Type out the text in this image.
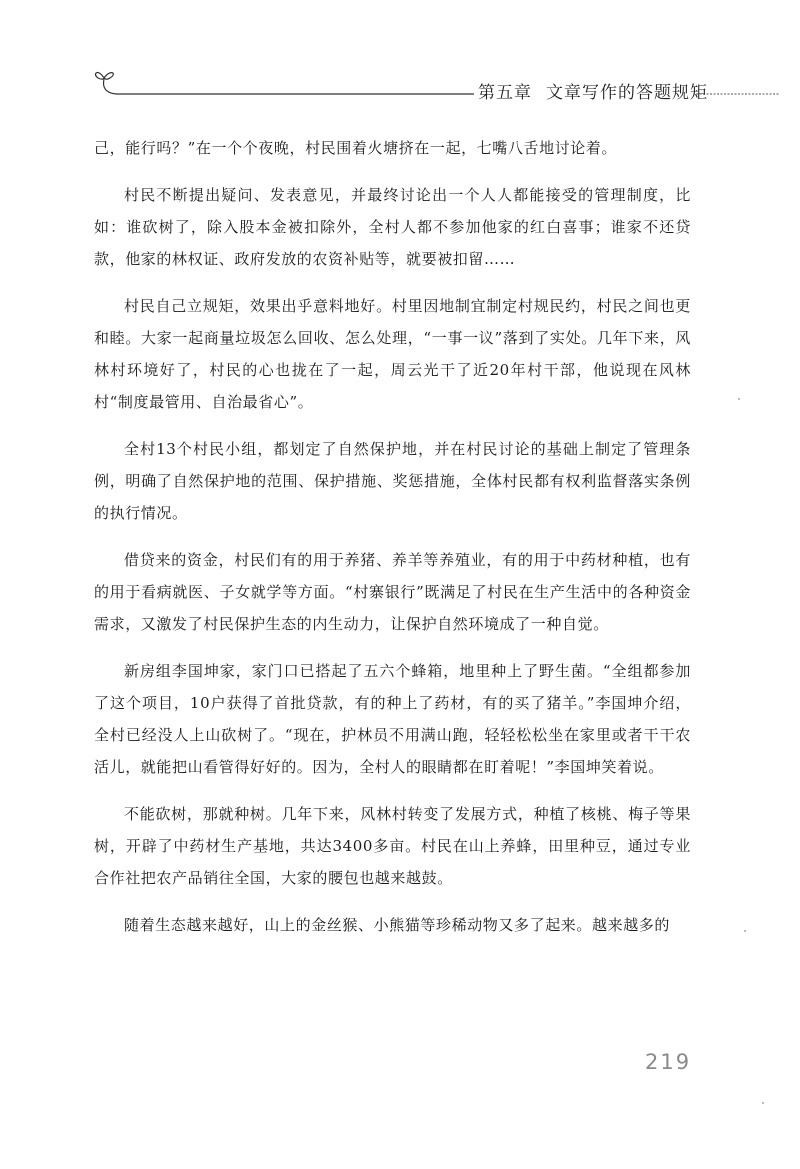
第五章 文章写作的答题规矩

己，能行吗？”在一个个夜晚，村民围着火塘挤在一起，七嘴八舌地讨论着。

村民不断提出疑问、发表意见，并最终讨论出一个人人都能接受的管理制度，比如：谁砍树了，除入股本金被扣除外，全村人都不参加他家的红白喜事；谁家不还贷款，他家的林权证、政府发放的农资补贴等，就要被扣留……

村民自己立规矩，效果出乎意料地好。村里因地制宜制定村规民约，村民之间也更和睦。大家一起商量垃圾怎么回收、怎么处理，“一事一议”落到了实处。几年下来，风林村环境好了，村民的心也拢在了一起，周云光干了近20年村干部，他说现在风林村“制度最管用、自治最省心”。

全村13个村民小组，都划定了自然保护地，并在村民讨论的基础上制定了管理条例，明确了自然保护地的范围、保护措施、奖惩措施，全体村民都有权利监督落实条例的执行情况。

借贷来的资金，村民们有的用于养猪、养羊等养殖业，有的用于中药材种植，也有的用于看病就医、子女就学等方面。“村寨银行”既满足了村民在生产生活中的各种资金需求，又激发了村民保护生态的内生动力，让保护自然环境成了一种自觉。

新房组李国坤家，家门口已搭起了五六个蜂箱，地里种上了野生菌。“全组都参加了这个项目，10户获得了首批贷款，有的种上了药材，有的买了猪羊。”李国坤介绍，全村已经没人上山砍树了。“现在，护林员不用满山跑，轻轻松松坐在家里或者干干农活儿，就能把山看管得好好的。因为，全村人的眼睛都在盯着呢！”李国坤笑着说。

不能砍树，那就种树。几年下来，风林村转变了发展方式，种植了核桃、梅子等果树，开辟了中药材生产基地，共达3400多亩。村民在山上养蜂，田里种豆，通过专业合作社把农产品销往全国，大家的腰包也越来越鼓。

随着生态越来越好，山上的金丝猴、小熊猫等珍稀动物又多了起来。越来越多的

219
